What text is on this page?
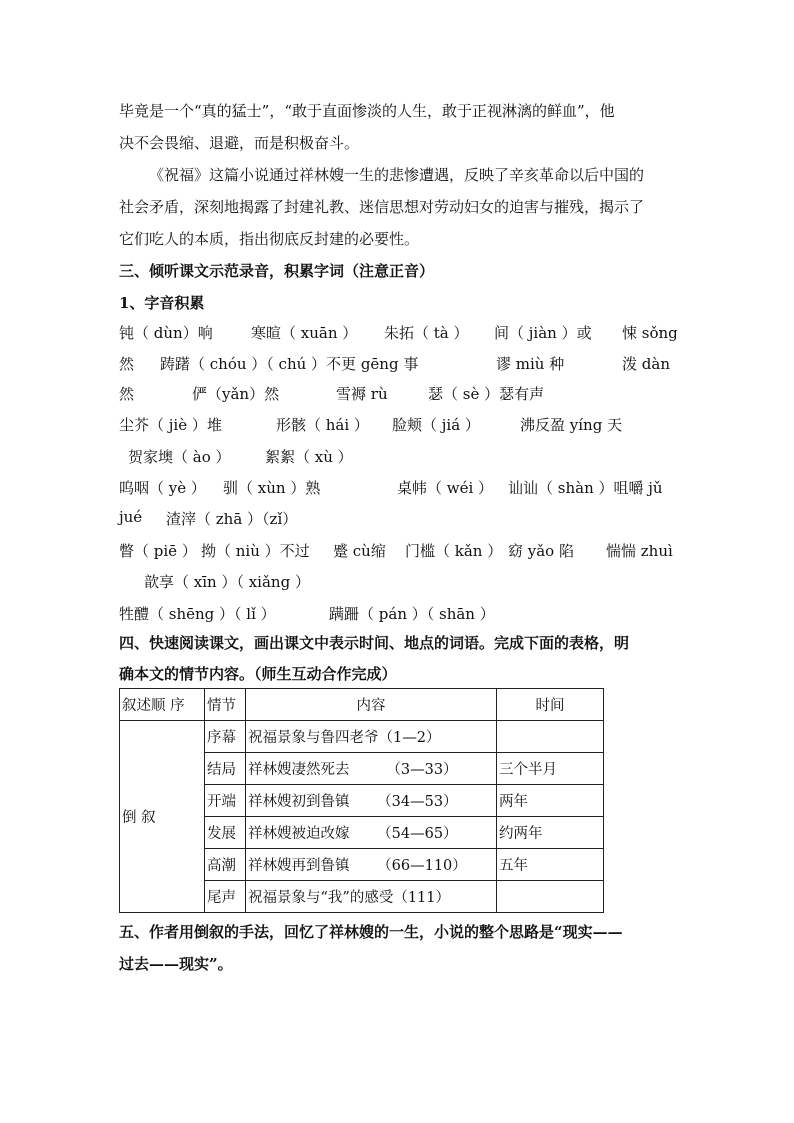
毕竟是一个“真的猛士”，“敢于直面惨淡的人生，敢于正视淋漓的鲜血”，他
决不会畏缩、退避，而是积极奋斗。
《祝福》这篇小说通过祥林嫂一生的悲惨遭遇，反映了辛亥革命以后中国的
社会矛盾，深刻地揭露了封建礼教、迷信思想对劳动妇女的迫害与摧残，揭示了
它们吃人的本质，指出彻底反封建的必要性。
三、倾听课文示范录音，积累字词（注意正音）
1、字音积累
钝（ dùn）响	寒暄（ xuān ） 朱拓（ tà ） 间（ jiàn ）或 悚 sǒng
然 踌躇（ chóu ）（ chú ）不更 gēng 事	谬 miù 种	泼 dàn
然	俨（yǎn）然	雪褥 rù	瑟（ sè ）瑟有声
尘芥（ jiè ）堆	形骸（ hái ） 脸颊（ jiá ）	沸反盈 yíng 天
贺家墺（ ào ） 絮絮（ xù ）
呜咽（ yè ） 驯（ xùn ）熟	桌帏（ wéi ） 讪讪（ shàn ）咀嚼 jǔ
jué 渣滓（ zhā ）（zǐ）
瞥（ piē ） 拗（ niù ）不过 蹙 cù缩 门槛（ kǎn ） 窈 yǎo 陷 惴惴 zhuì
歆享（ xīn ）（ xiǎng ）
牲醴（ shēng ）（ lǐ ）	蹒跚（ pán ）（ shān ）
四、快速阅读课文，画出课文中表示时间、地点的词语。完成下面的表格，明
确本文的情节内容。（师生互动合作完成）
叙述顺 序	情节	内容	时间
倒 叙	序幕	祝福景象与鲁四老爷（1—2）	
	结局	祥林嫂凄然死去        （3—33）	三个半月
	开端	祥林嫂初到鲁镇      （34—53）	两年
	发展	祥林嫂被迫改嫁      （54—65）	约两年
	高潮	祥林嫂再到鲁镇      （66—110）	五年
	尾声	祝福景象与“我”的感受（111）	
五、作者用倒叙的手法，回忆了祥林嫂的一生，小说的整个思路是“现实——
过去——现实”。
